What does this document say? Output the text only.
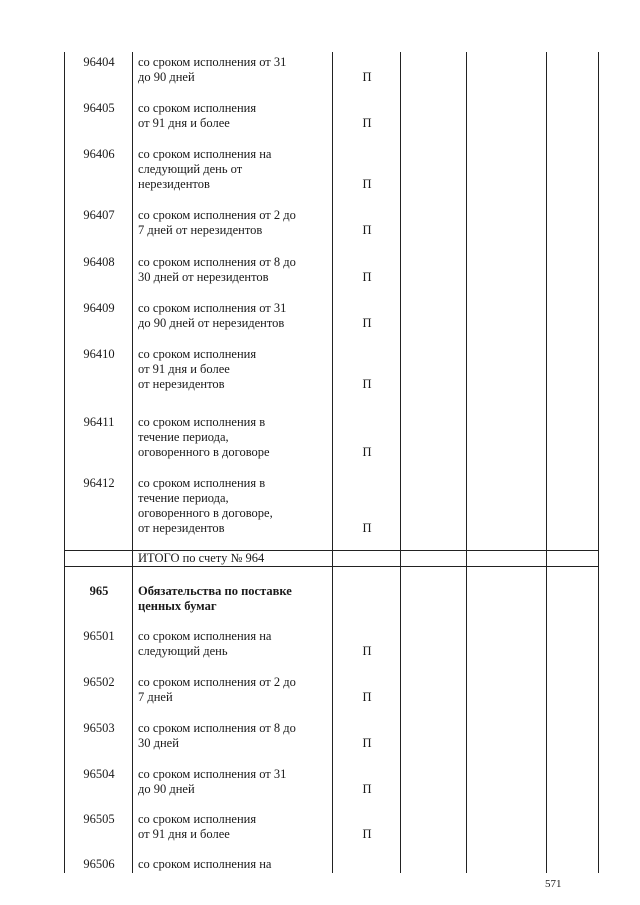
96404	со сроком исполнения от 31
до 90 дней	П
96405	со сроком исполнения
от 91 дня и более	П
96406	со сроком исполнения на
следующий день от
нерезидентов	П
96407	со сроком исполнения от 2 до
7 дней от нерезидентов	П
96408	со сроком исполнения от 8 до
30 дней от нерезидентов	П
96409	со сроком исполнения от 31
до 90 дней от нерезидентов	П
96410	со сроком исполнения
от 91 дня и более
от нерезидентов	П
96411	со сроком исполнения в
течение периода,
оговоренного в договоре	П
96412	со сроком исполнения в
течение периода,
оговоренного в договоре,
от нерезидентов	П
ИТОГО по счету № 964
965	Обязательства по поставке
ценных бумаг
96501	со сроком исполнения на
следующий день	П
96502	со сроком исполнения от 2 до
7 дней	П
96503	со сроком исполнения от 8 до
30 дней	П
96504	со сроком исполнения от 31
до 90 дней	П
96505	со сроком исполнения
от 91 дня и более	П
96506	со сроком исполнения на
571
